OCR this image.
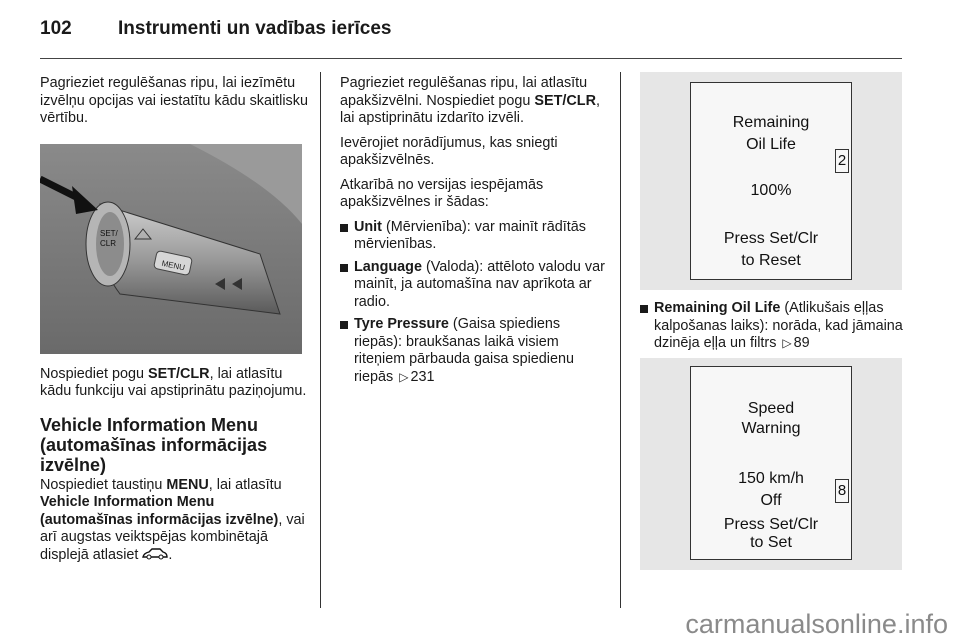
102 Instrumenti un vadības ierīces

Pagrieziet regulēšanas ripu, lai iezīmētu izvēlņu opcijas vai iestatītu kādu skaitlisku vērtību.

SET/
CLR
MENU

Nospiediet pogu SET/CLR, lai atlasītu kādu funkciju vai apstiprinātu paziņojumu.

Vehicle Information Menu (automašīnas informācijas izvēlne)

Nospiediet taustiņu MENU, lai atlasītu Vehicle Information Menu (automašīnas informācijas izvēlne), vai arī augstas veiktspējas kombinētajā displejā atlasiet .

Pagrieziet regulēšanas ripu, lai atlasītu apakšizvēlni. Nospiediet pogu SET/CLR, lai apstiprinātu izdarīto izvēli.

Ievērojiet norādījumus, kas sniegti apakšizvēlnēs.

Atkarībā no versijas iespējamās apakšizvēlnes ir šādas:

Unit (Mērvienība): var mainīt rādītās mērvienības.
Language (Valoda): attēloto valodu var mainīt, ja automašīna nav aprīkota ar radio.
Tyre Pressure (Gaisa spiediens riepās): braukšanas laikā visiem riteņiem pārbauda gaisa spiedienu riepās ▷ 231
Remaining
Oil Life
2
100%
Press Set/Clr
to Reset
Remaining Oil Life (Atlikušais eļļas kalpošanas laiks): norāda, kad jāmaina dzinēja eļļa un filtrs ▷ 89
Speed
Warning
150 km/h
Off
8
Press Set/Clr
to Set
carmanualsonline.info
